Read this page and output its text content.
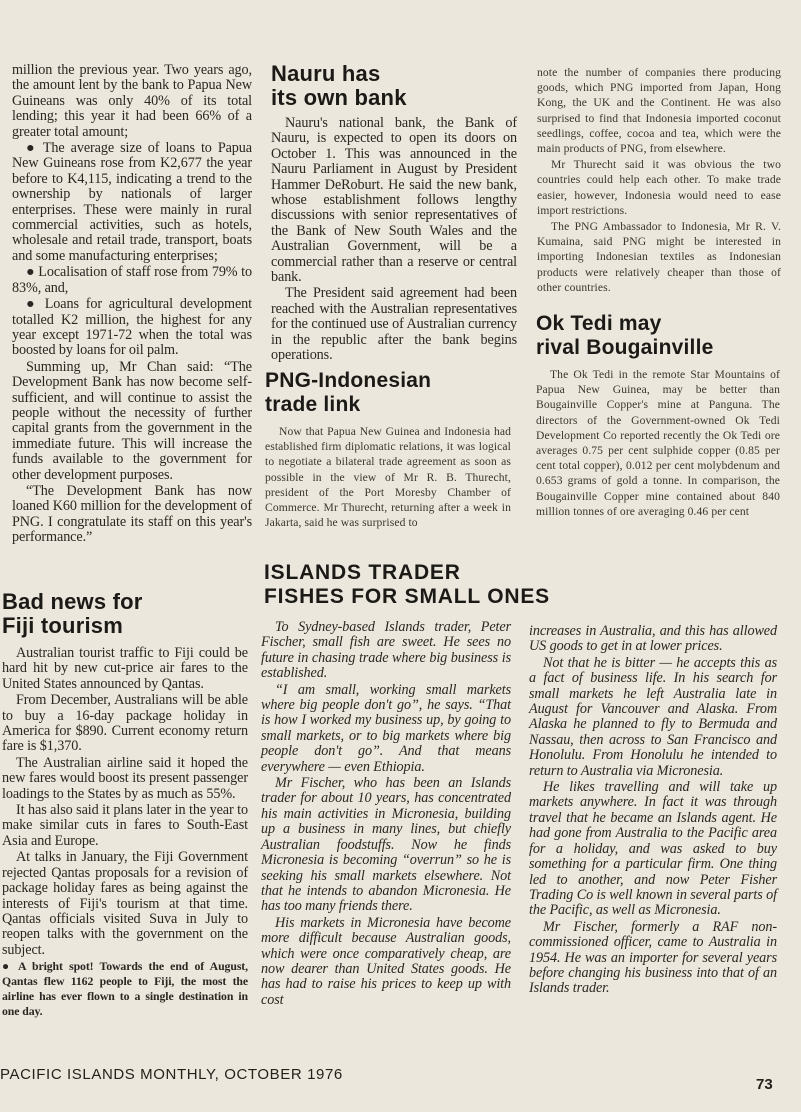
million the previous year. Two years ago, the amount lent by the bank to Papua New Guineans was only 40% of its total lending; this year it had been 66% of a greater total amount;

● The average size of loans to Papua New Guineans rose from K2,677 the year before to K4,115, indicating a trend to the ownership by nationals of larger enterprises. These were mainly in rural commercial activities, such as hotels, wholesale and retail trade, transport, boats and some manufacturing enterprises;

● Localisation of staff rose from 79% to 83%, and,

● Loans for agricultural development totalled K2 million, the highest for any year except 1971-72 when the total was boosted by loans for oil palm.

Summing up, Mr Chan said: “The Development Bank has now become self-sufficient, and will continue to assist the people without the necessity of further capital grants from the government in the immediate future. This will increase the funds available to the government for other development purposes.

“The Development Bank has now loaned K60 million for the development of PNG. I congratulate its staff on this year's performance.”

Bad news for
Fiji tourism

Australian tourist traffic to Fiji could be hard hit by new cut-price air fares to the United States announced by Qantas.

From December, Australians will be able to buy a 16-day package holiday in America for $890. Current economy return fare is $1,370.

The Australian airline said it hoped the new fares would boost its present passenger loadings to the States by as much as 55%.

It has also said it plans later in the year to make similar cuts in fares to South-East Asia and Europe.

At talks in January, the Fiji Government rejected Qantas proposals for a revision of package holiday fares as being against the interests of Fiji's tourism at that time. Qantas officials visited Suva in July to reopen talks with the government on the subject.

● A bright spot! Towards the end of August, Qantas flew 1162 people to Fiji, the most the airline has ever flown to a single destination in one day.

Nauru has
its own bank

Nauru's national bank, the Bank of Nauru, is expected to open its doors on October 1. This was announced in the Nauru Parliament in August by President Hammer DeRoburt. He said the new bank, whose establishment follows lengthy discussions with senior representatives of the Bank of New South Wales and the Australian Government, will be a commercial rather than a reserve or central bank.

The President said agreement had been reached with the Australian representatives for the continued use of Australian currency in the republic after the bank begins operations.

PNG-Indonesian
trade link

Now that Papua New Guinea and Indonesia had established firm diplomatic relations, it was logical to negotiate a bilateral trade agreement as soon as possible in the view of Mr R. B. Thurecht, president of the Port Moresby Chamber of Commerce. Mr Thurecht, returning after a week in Jakarta, said he was surprised to

note the number of companies there producing goods, which PNG imported from Japan, Hong Kong, the UK and the Continent. He was also surprised to find that Indonesia imported coconut seedlings, coffee, cocoa and tea, which were the main products of PNG, from elsewhere.

Mr Thurecht said it was obvious the two countries could help each other. To make trade easier, however, Indonesia would need to ease import restrictions.

The PNG Ambassador to Indonesia, Mr R. V. Kumaina, said PNG might be interested in importing Indonesian textiles as Indonesian products were relatively cheaper than those of other countries.

Ok Tedi may
rival Bougainville

The Ok Tedi in the remote Star Mountains of Papua New Guinea, may be better than Bougainville Copper's mine at Panguna. The directors of the Government-owned Ok Tedi Development Co reported recently the Ok Tedi ore averages 0.75 per cent sulphide copper (0.85 per cent total copper), 0.012 per cent molybdenum and 0.653 grams of gold a tonne. In comparison, the Bougainville Copper mine contained about 840 million tonnes of ore averaging 0.46 per cent

ISLANDS TRADER
FISHES FOR SMALL ONES

To Sydney-based Islands trader, Peter Fischer, small fish are sweet. He sees no future in chasing trade where big business is established.

“I am small, working small markets where big people don't go”, he says. “That is how I worked my business up, by going to small markets, or to big markets where big people don't go”. And that means everywhere — even Ethiopia.

Mr Fischer, who has been an Islands trader for about 10 years, has concentrated his main activities in Micronesia, building up a business in many lines, but chiefly Australian foodstuffs. Now he finds Micronesia is becoming “overrun” so he is seeking his small markets elsewhere. Not that he intends to abandon Micronesia. He has too many friends there.

His markets in Micronesia have become more difficult because Australian goods, which were once comparatively cheap, are now dearer than United States goods. He has had to raise his prices to keep up with cost

increases in Australia, and this has allowed US goods to get in at lower prices.

Not that he is bitter — he accepts this as a fact of business life. In his search for small markets he left Australia late in August for Vancouver and Alaska. From Alaska he planned to fly to Bermuda and Nassau, then across to San Francisco and Honolulu. From Honolulu he intended to return to Australia via Micronesia.

He likes travelling and will take up markets anywhere. In fact it was through travel that he became an Islands agent. He had gone from Australia to the Pacific area for a holiday, and was asked to buy something for a particular firm. One thing led to another, and now Peter Fisher Trading Co is well known in several parts of the Pacific, as well as Micronesia.

Mr Fischer, formerly a RAF non-commissioned officer, came to Australia in 1954. He was an importer for several years before changing his business into that of an Islands trader.

PACIFIC ISLANDS MONTHLY, OCTOBER 1976
73
